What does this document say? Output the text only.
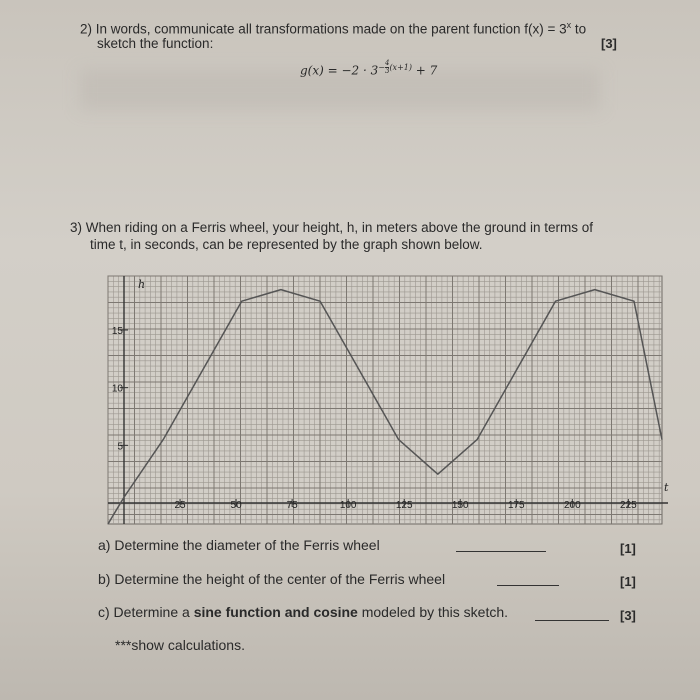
2) In words, communicate all transformations made on the parent function $f(x) = 3^x$ to
sketch the function:	[3]
$g(x) = -2 \cdot 3^{- \frac{4}{3} (x+1)} + 7$
3) When riding on a Ferris wheel, your height, h, in meters above the ground in terms of
time t, in seconds, can be represented by the graph shown below.
t
h
25	50	75	100	125	150	175	200	225
5
10
15
a) Determine the diameter of the Ferris wheel	[1]
b) Determine the height of the center of the Ferris wheel	[1]
c) Determine a sine function and cosine modeled by this sketch.	[3]
***show calculations.
